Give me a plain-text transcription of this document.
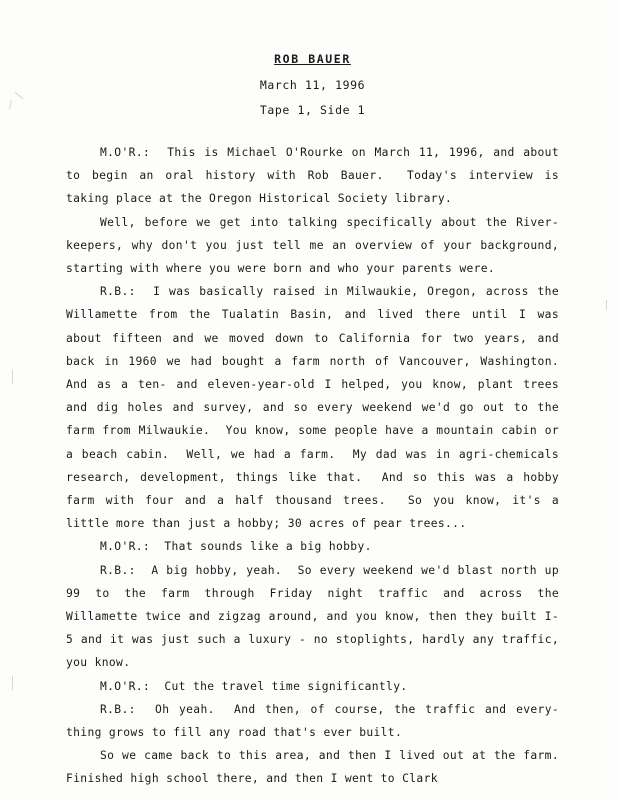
ROB BAUER
March 11, 1996
Tape 1, Side 1

M.O'R.:  This is Michael O'Rourke on March 11, 1996, and about to begin an oral history with Rob Bauer.  Today's interview is taking place at the Oregon Historical Society library.

Well, before we get into talking specifically about the River-keepers, why don't you just tell me an overview of your background, starting with where you were born and who your parents were.

R.B.:  I was basically raised in Milwaukie, Oregon, across the Willamette from the Tualatin Basin, and lived there until I was about fifteen and we moved down to California for two years, and back in 1960 we had bought a farm north of Vancouver, Washington.  And as a ten- and eleven-year-old I helped, you know, plant trees and dig holes and survey, and so every weekend we'd go out to the farm from Milwaukie.  You know, some people have a mountain cabin or a beach cabin.  Well, we had a farm.  My dad was in agri-chemicals research, development, things like that.  And so this was a hobby farm with four and a half thousand trees.  So you know, it's a little more than just a hobby; 30 acres of pear trees...

M.O'R.:  That sounds like a big hobby.

R.B.:  A big hobby, yeah.  So every weekend we'd blast north up 99 to the farm through Friday night traffic and across the Willamette twice and zigzag around, and you know, then they built I-5 and it was just such a luxury - no stoplights, hardly any traffic, you know.

M.O'R.:  Cut the travel time significantly.

R.B.:  Oh yeah.  And then, of course, the traffic and every-thing grows to fill any road that's ever built.

So we came back to this area, and then I lived out at the farm.  Finished high school there, and then I went to Clark
